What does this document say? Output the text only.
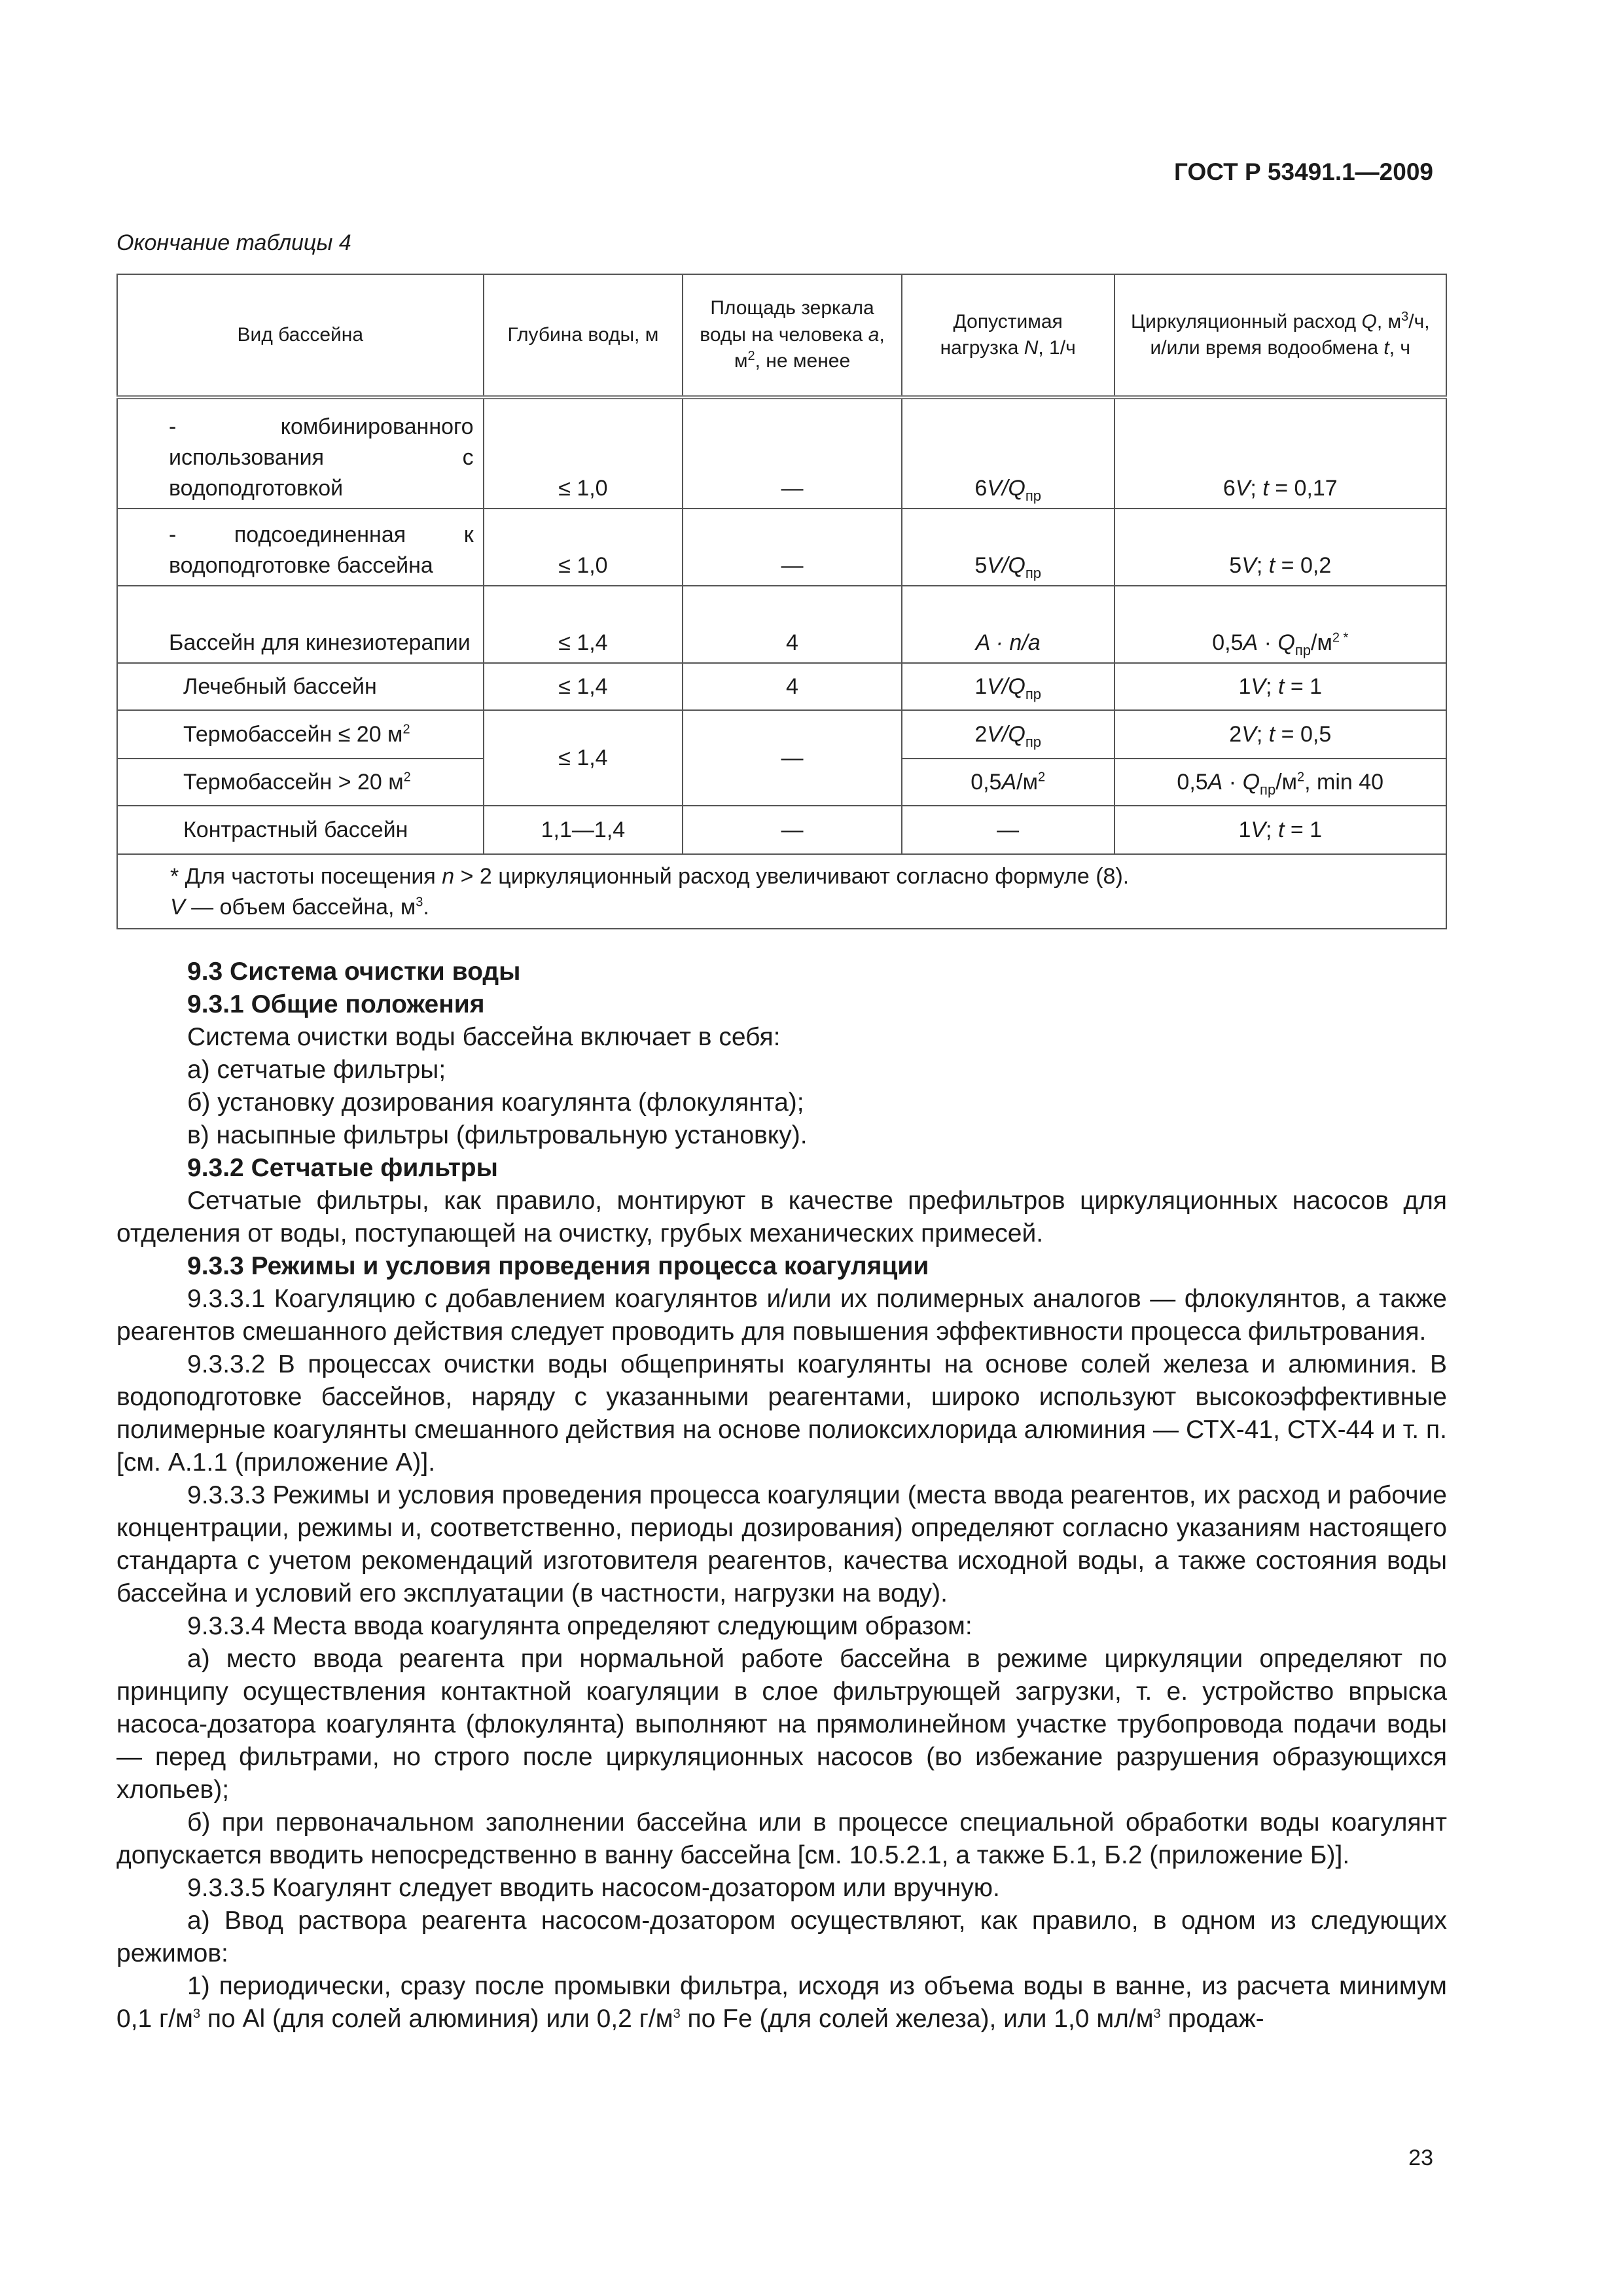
ГОСТ Р 53491.1—2009
Окончание таблицы 4
Вид бассейна	Глубина воды, м	Площадь зеркала воды на человека а, $м^2$, не менее	Допустимая нагрузка N, 1/ч	Циркуляционный расход Q, $м^3/ч$, и/или время водообмена t, ч
- комбинированного использования с водоподготовкой	≤ 1,0	—	$6V/Q_{пр}$	6V; t = 0,17
- подсоединенная к водоподготовке бассейна	≤ 1,0	—	$5V/Q_{пр}$	5V; t = 0,2
Бассейн для кинезиотерапии	≤ 1,4	4	A · n/a	$0,5A \cdot Q_{пр}/м^{2 *}$
Лечебный бассейн	≤ 1,4	4	$1V/Q_{пр}$	1V; t = 1
Термобассейн ≤ 20 $м^2$	≤ 1,4	—	$2V/Q_{пр}$	2V; t = 0,5
Термобассейн > 20 $м^2$			$0,5A/м^2$	$0,5A \cdot Q_{пр}/м^2$, min 40
Контрастный бассейн	1,1—1,4	—	—	1V; t = 1

* Для частоты посещения n > 2 циркуляционный расход увеличивают согласно формуле (8).
V — объем бассейна, $м^3$.				

9.3 Система очистки воды

9.3.1 Общие положения

Система очистки воды бассейна включает в себя:

а) сетчатые фильтры;

б) установку дозирования коагулянта (флокулянта);

в) насыпные фильтры (фильтровальную установку).

9.3.2 Сетчатые фильтры

Сетчатые фильтры, как правило, монтируют в качестве префильтров циркуляционных насосов для отделения от воды, поступающей на очистку, грубых механических примесей.

9.3.3 Режимы и условия проведения процесса коагуляции

9.3.3.1 Коагуляцию с добавлением коагулянтов и/или их полимерных аналогов — флокулянтов, а также реагентов смешанного действия следует проводить для повышения эффективности процесса фильтрования.

9.3.3.2 В процессах очистки воды общеприняты коагулянты на основе солей железа и алюминия. В водоподготовке бассейнов, наряду с указанными реагентами, широко используют высокоэффективные полимерные коагулянты смешанного действия на основе полиоксихлорида алюминия — СТХ-41, СТХ-44 и т. п. [см. А.1.1 (приложение А)].

9.3.3.3 Режимы и условия проведения процесса коагуляции (места ввода реагентов, их расход и рабочие концентрации, режимы и, соответственно, периоды дозирования) определяют согласно указаниям настоящего стандарта с учетом рекомендаций изготовителя реагентов, качества исходной воды, а также состояния воды бассейна и условий его эксплуатации (в частности, нагрузки на воду).

9.3.3.4 Места ввода коагулянта определяют следующим образом:

а) место ввода реагента при нормальной работе бассейна в режиме циркуляции определяют по принципу осуществления контактной коагуляции в слое фильтрующей загрузки, т. е. устройство впрыска насоса-дозатора коагулянта (флокулянта) выполняют на прямолинейном участке трубопровода подачи воды — перед фильтрами, но строго после циркуляционных насосов (во избежание разрушения образующихся хлопьев);

б) при первоначальном заполнении бассейна или в процессе специальной обработки воды коагулянт допускается вводить непосредственно в ванну бассейна [см. 10.5.2.1, а также Б.1, Б.2 (приложение Б)].

9.3.3.5 Коагулянт следует вводить насосом-дозатором или вручную.

а) Ввод раствора реагента насосом-дозатором осуществляют, как правило, в одном из следующих режимов:

1) периодически, сразу после промывки фильтра, исходя из объема воды в ванне, из расчета минимум 0,1 $г/м^3$ по Al (для солей алюминия) или 0,2 $г/м^3$ по Fe (для солей железа), или 1,0 $мл/м^3$ продаж-

23
